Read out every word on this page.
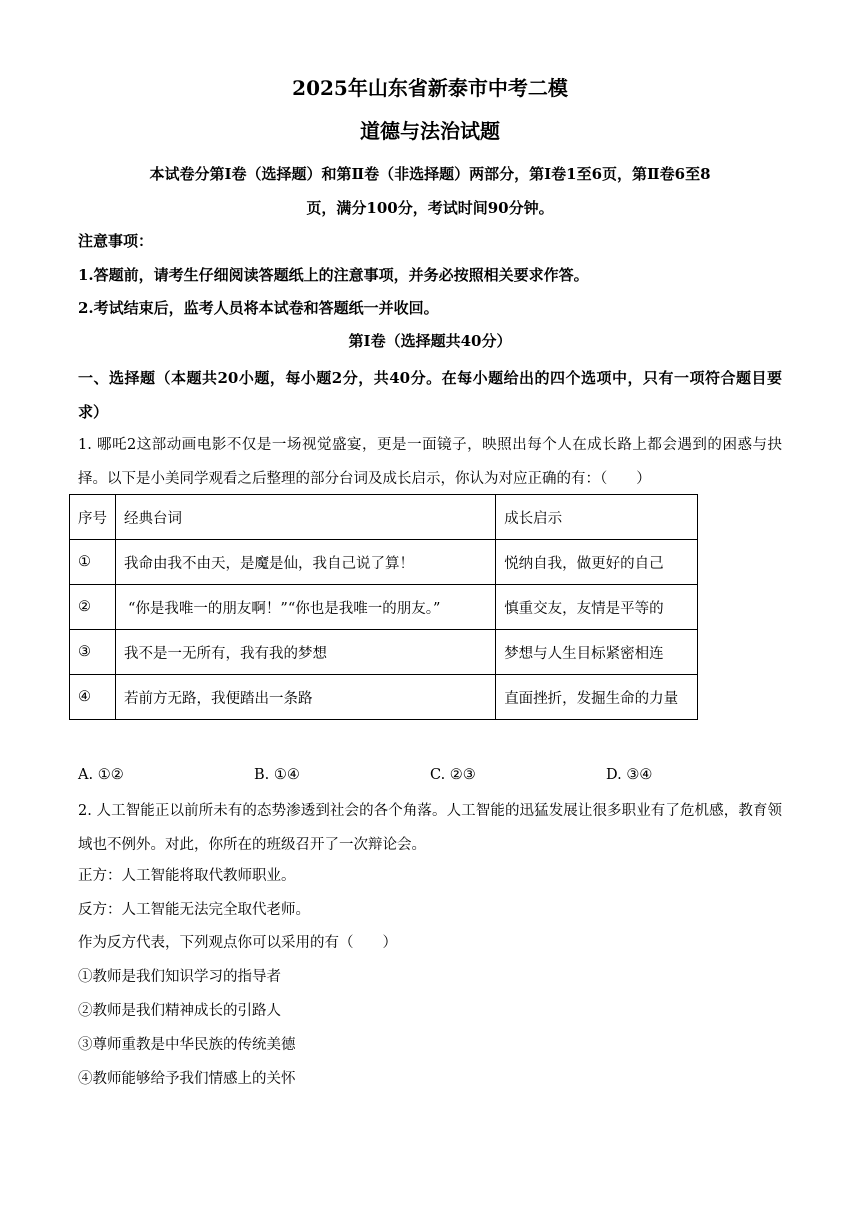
2025年山东省新泰市中考二模
道德与法治试题
本试卷分第Ⅰ卷（选择题）和第Ⅱ卷（非选择题）两部分，第Ⅰ卷1至6页，第Ⅱ卷6至8
页，满分100分，考试时间90分钟。
注意事项：
1.答题前，请考生仔细阅读答题纸上的注意事项，并务必按照相关要求作答。
2.考试结束后，监考人员将本试卷和答题纸一并收回。
第Ⅰ卷（选择题共40分）
一、选择题（本题共20小题，每小题2分，共40分。在每小题给出的四个选项中，只有一项符合题目要求）
1. 哪吒2这部动画电影不仅是一场视觉盛宴，更是一面镜子，映照出每个人在成长路上都会遇到的困惑与抉择。以下是小美同学观看之后整理的部分台词及成长启示，你认为对应正确的有：（　　）
序号	经典台词	成长启示
①	我命由我不由天，是魔是仙，我自己说了算！	悦纳自我，做更好的自己
②	“你是我唯一的朋友啊！”“你也是我唯一的朋友。”	慎重交友，友情是平等的
③	我不是一无所有，我有我的梦想	梦想与人生目标紧密相连
④	若前方无路，我便踏出一条路	直面挫折，发掘生命的力量
A. ①②	B. ①④	C. ②③	D. ③④
2. 人工智能正以前所未有的态势渗透到社会的各个角落。人工智能的迅猛发展让很多职业有了危机感，教育领域也不例外。对此，你所在的班级召开了一次辩论会。
正方：人工智能将取代教师职业。
反方：人工智能无法完全取代老师。
作为反方代表，下列观点你可以采用的有（　　）
①教师是我们知识学习的指导者
②教师是我们精神成长的引路人
③尊师重教是中华民族的传统美德
④教师能够给予我们情感上的关怀
